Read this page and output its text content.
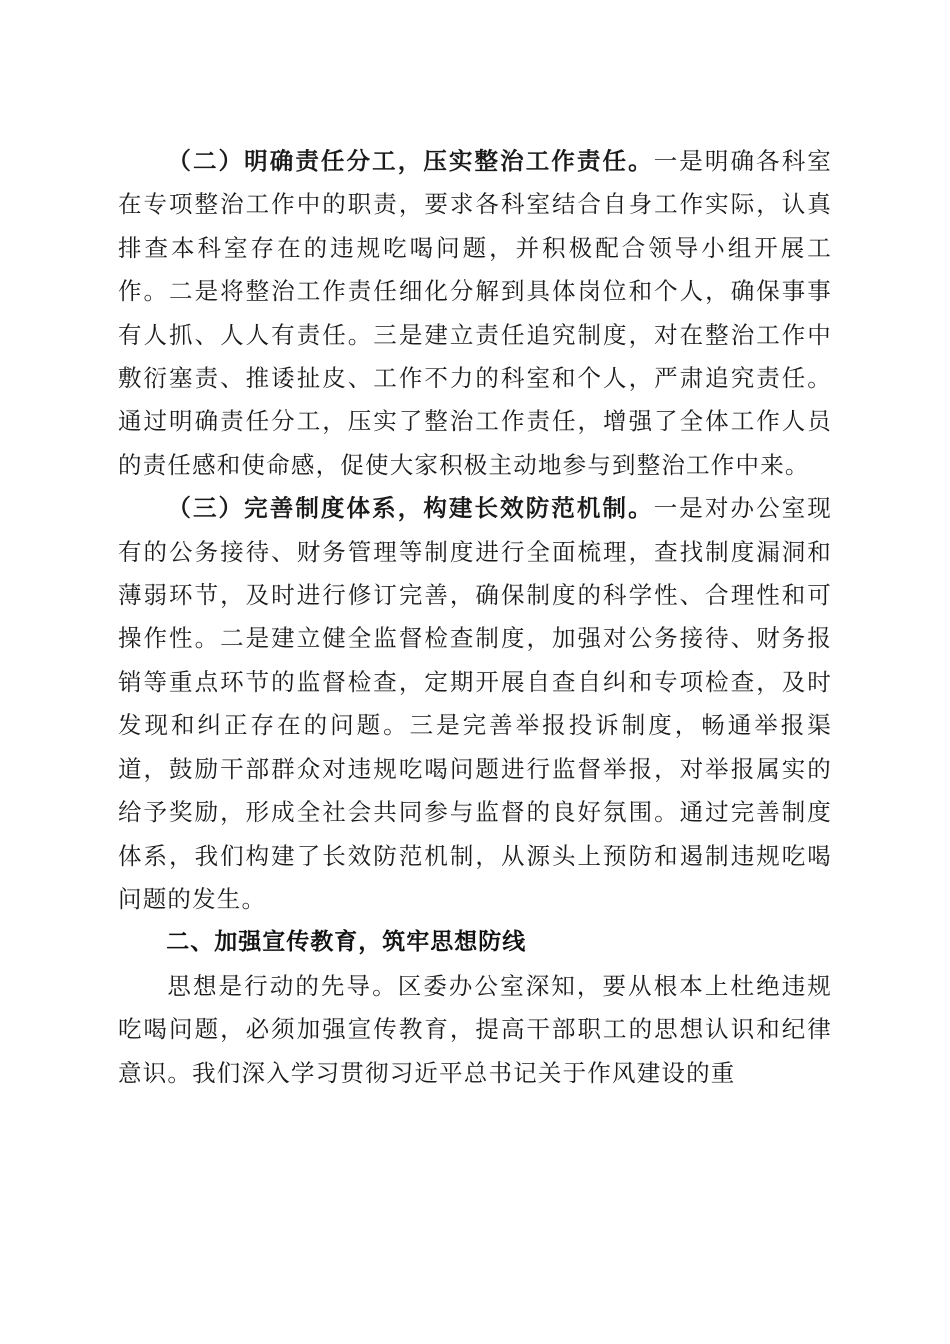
（二）明确责任分工，压实整治工作责任。一是明确各科室在专项整治工作中的职责，要求各科室结合自身工作实际，认真排查本科室存在的违规吃喝问题，并积极配合领导小组开展工作。二是将整治工作责任细化分解到具体岗位和个人，确保事事有人抓、人人有责任。三是建立责任追究制度，对在整治工作中敷衍塞责、推诿扯皮、工作不力的科室和个人，严肃追究责任。通过明确责任分工，压实了整治工作责任，增强了全体工作人员的责任感和使命感，促使大家积极主动地参与到整治工作中来。

（三）完善制度体系，构建长效防范机制。一是对办公室现有的公务接待、财务管理等制度进行全面梳理，查找制度漏洞和薄弱环节，及时进行修订完善，确保制度的科学性、合理性和可操作性。二是建立健全监督检查制度，加强对公务接待、财务报销等重点环节的监督检查，定期开展自查自纠和专项检查，及时发现和纠正存在的问题。三是完善举报投诉制度，畅通举报渠道，鼓励干部群众对违规吃喝问题进行监督举报，对举报属实的给予奖励，形成全社会共同参与监督的良好氛围。通过完善制度体系，我们构建了长效防范机制，从源头上预防和遏制违规吃喝问题的发生。

二、加强宣传教育，筑牢思想防线

思想是行动的先导。区委办公室深知，要从根本上杜绝违规吃喝问题，必须加强宣传教育，提高干部职工的思想认识和纪律意识。我们深入学习贯彻习近平总书记关于作风建设的重
